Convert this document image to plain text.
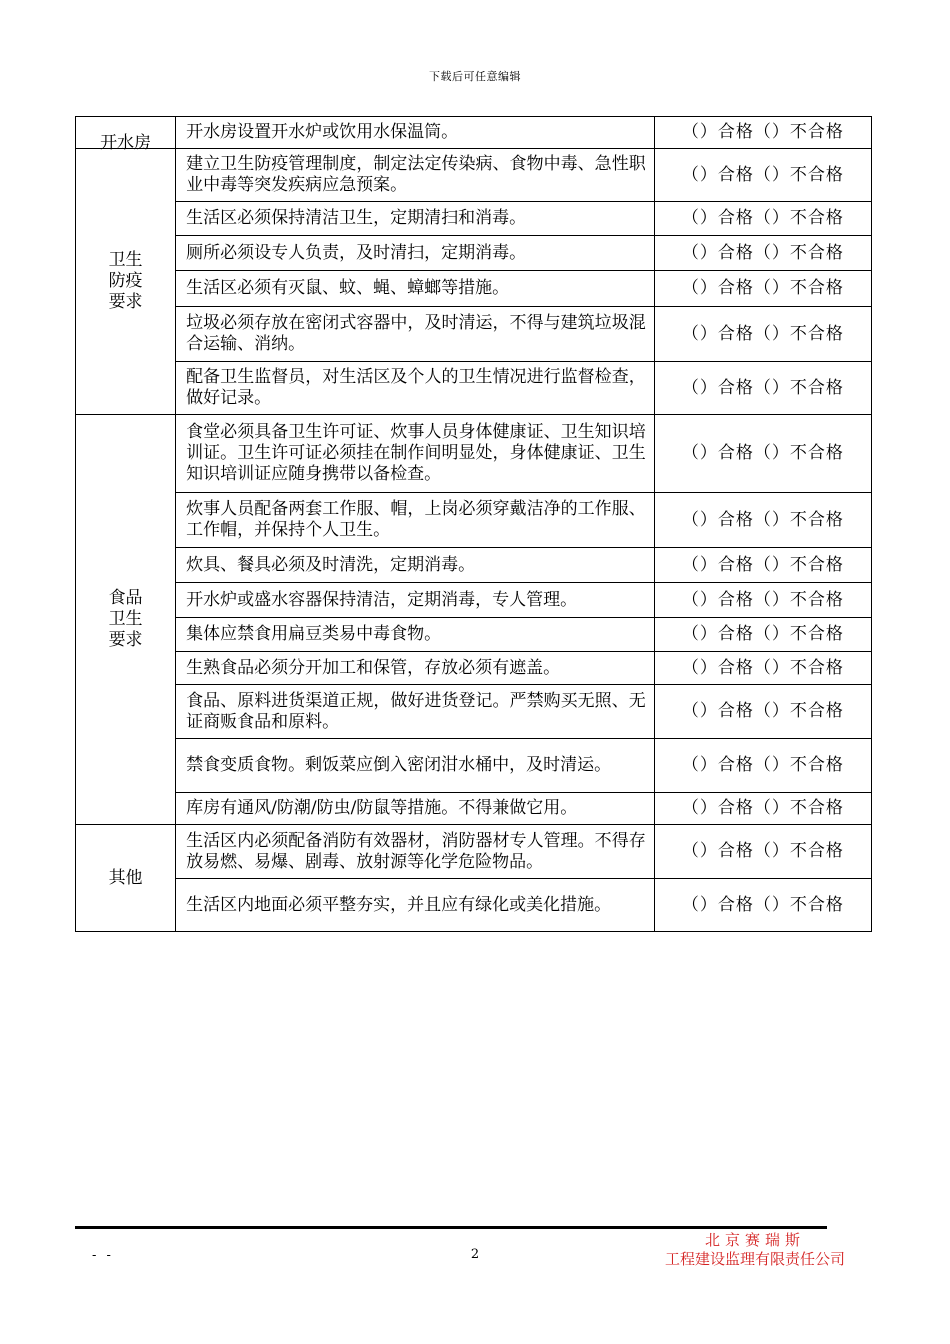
下载后可任意编辑
开水房	开水房设置开水炉或饮用水保温筒。	（）合格（）不合格
卫生防疫要求	建立卫生防疫管理制度，制定法定传染病、食物中毒、急性职业中毒等突发疾病应急预案。	（）合格（）不合格
	生活区必须保持清洁卫生，定期清扫和消毒。	（）合格（）不合格
	厕所必须设专人负责，及时清扫，定期消毒。	（）合格（）不合格
	生活区必须有灭鼠、蚊、蝇、蟑螂等措施。	（）合格（）不合格
	垃圾必须存放在密闭式容器中，及时清运，不得与建筑垃圾混合运输、消纳。	（）合格（）不合格
	配备卫生监督员，对生活区及个人的卫生情况进行监督检查，做好记录。	（）合格（）不合格
食品卫生要求	食堂必须具备卫生许可证、炊事人员身体健康证、卫生知识培训证。卫生许可证必须挂在制作间明显处，身体健康证、卫生知识培训证应随身携带以备检查。	（）合格（）不合格
	炊事人员配备两套工作服、帽，上岗必须穿戴洁净的工作服、工作帽，并保持个人卫生。	（）合格（）不合格
	炊具、餐具必须及时清洗，定期消毒。	（）合格（）不合格
	开水炉或盛水容器保持清洁，定期消毒，专人管理。	（）合格（）不合格
	集体应禁食用扁豆类易中毒食物。	（）合格（）不合格
	生熟食品必须分开加工和保管，存放必须有遮盖。	（）合格（）不合格
	食品、原料进货渠道正规，做好进货登记。严禁购买无照、无证商贩食品和原料。	（）合格（）不合格
	禁食变质食物。剩饭菜应倒入密闭泔水桶中，及时清运。	（）合格（）不合格
	库房有通风/防潮/防虫/防鼠等措施。不得兼做它用。	（）合格（）不合格
其他	生活区内必须配备消防有效器材，消防器材专人管理。不得存放易燃、易爆、剧毒、放射源等化学危险物品。	（）合格（）不合格
	生活区内地面必须平整夯实，并且应有绿化或美化措施。	（）合格（）不合格
- -	2
北京赛瑞斯
工程建设监理有限责任公司
